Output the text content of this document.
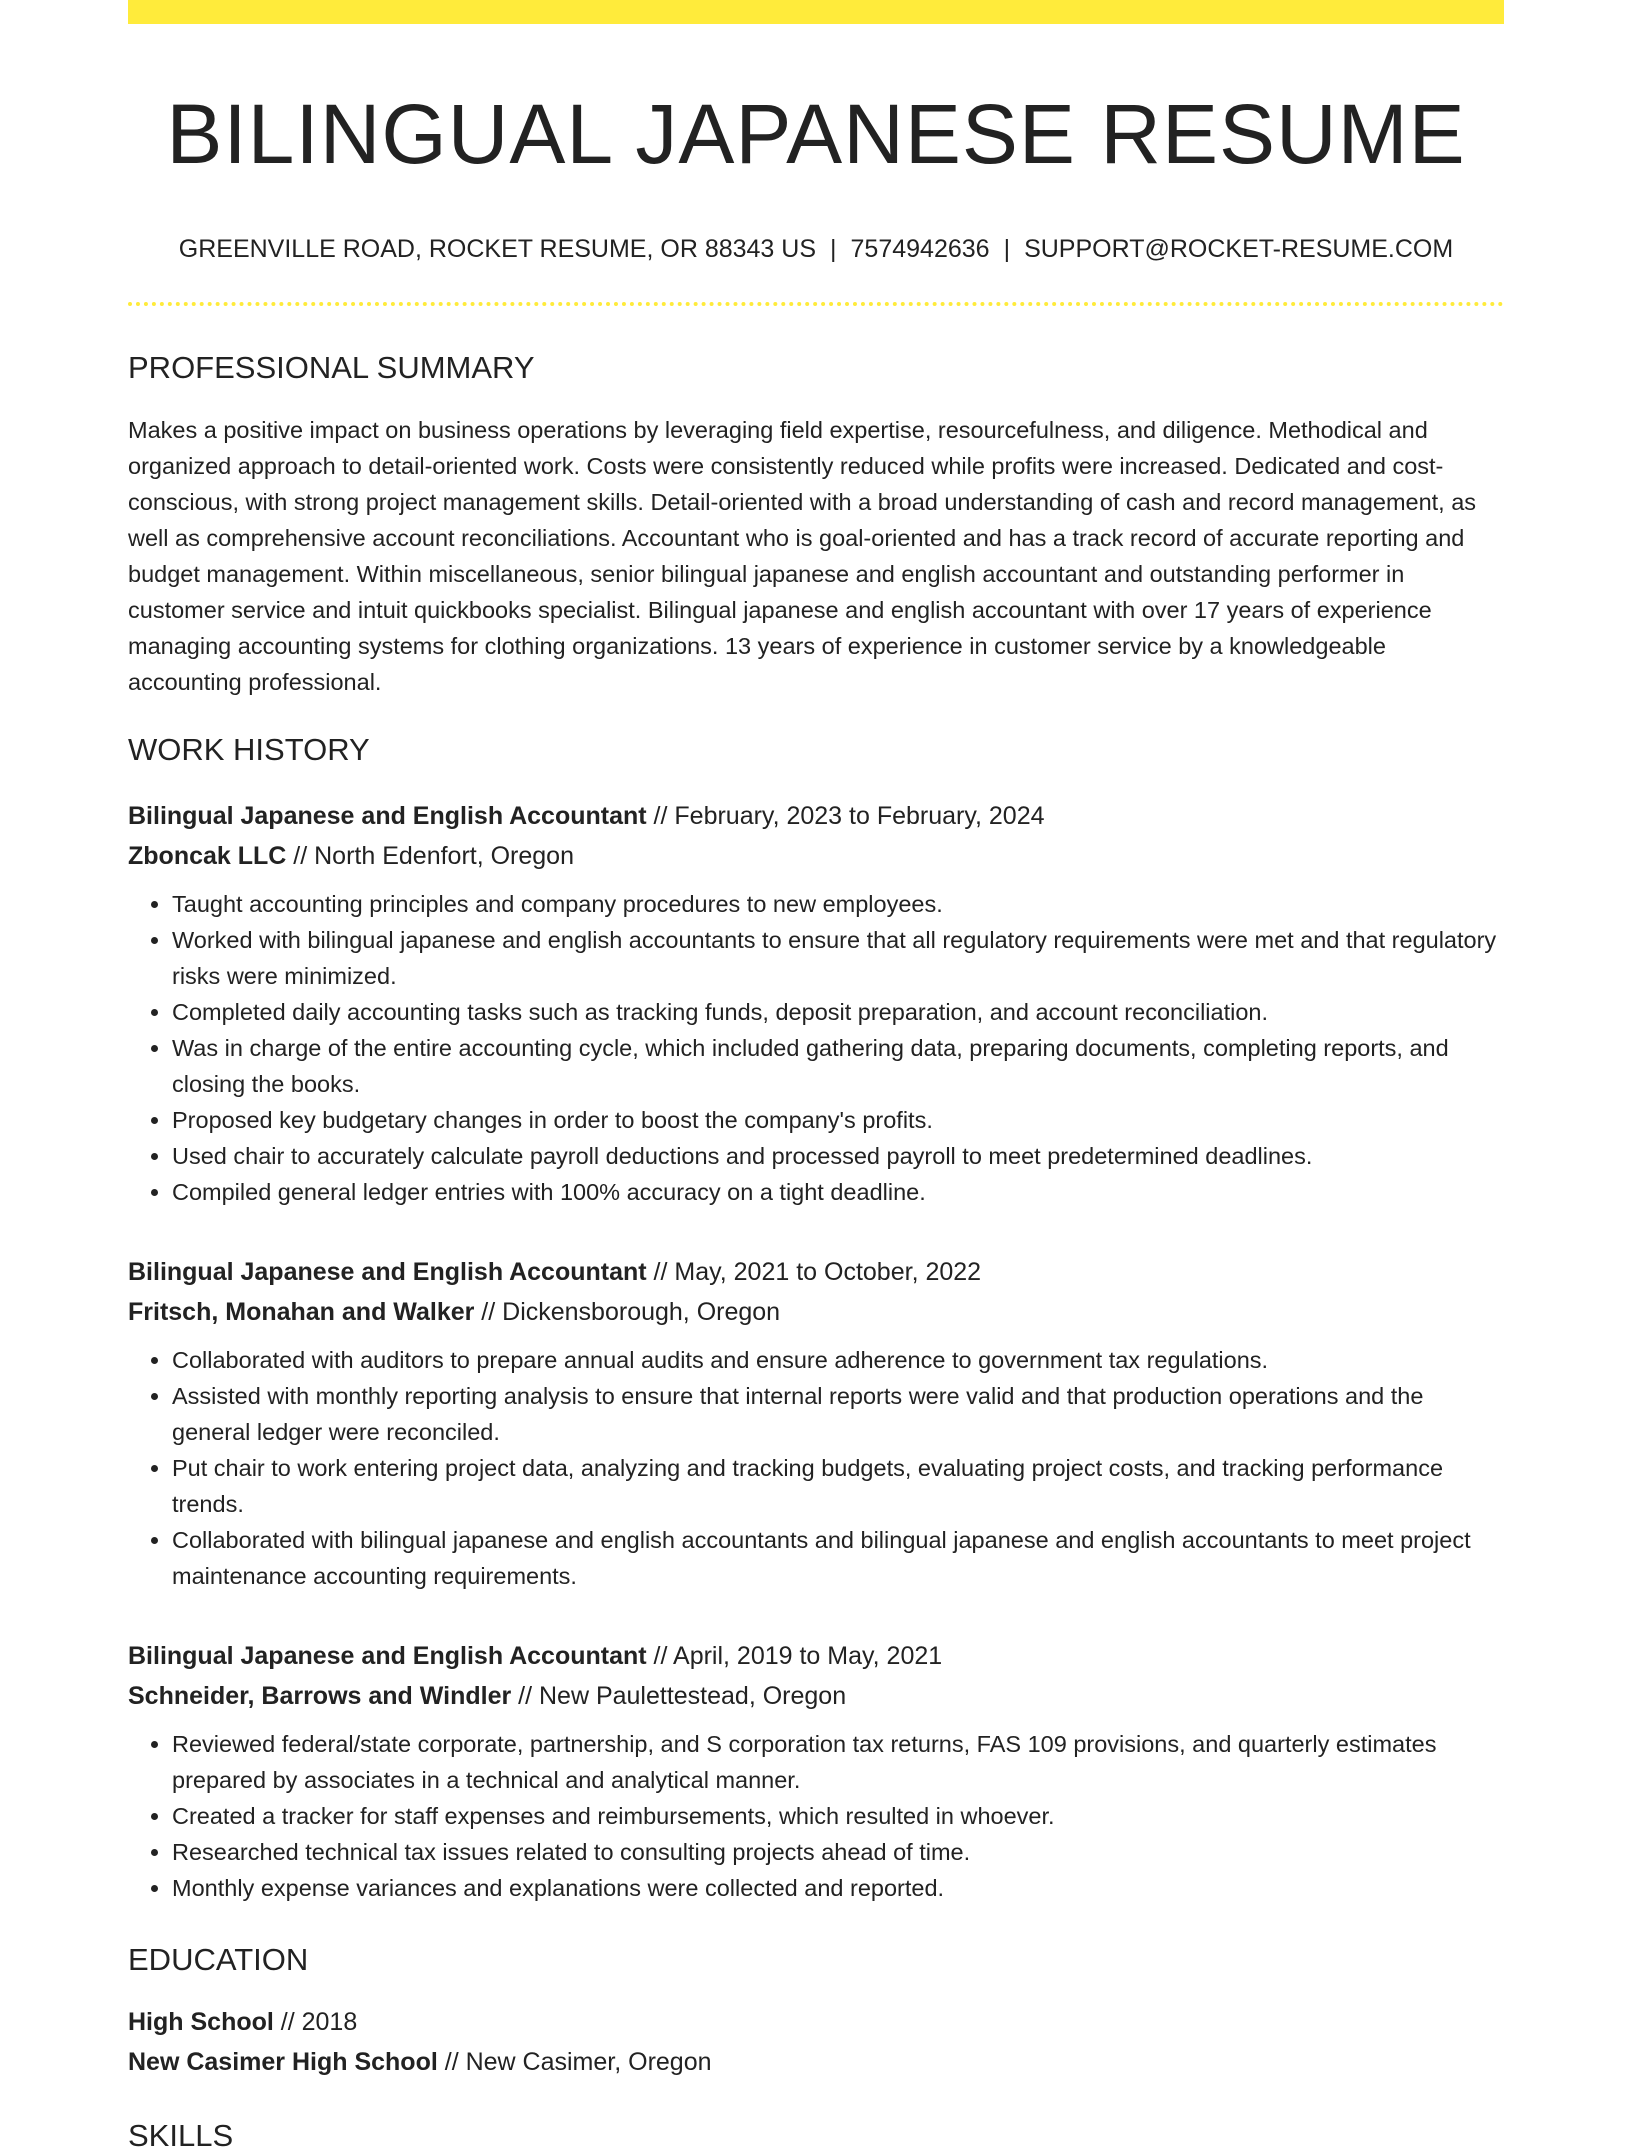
BILINGUAL JAPANESE RESUME
GREENVILLE ROAD, ROCKET RESUME, OR 88343 US | 7574942636 | SUPPORT@ROCKET-RESUME.COM
PROFESSIONAL SUMMARY
Makes a positive impact on business operations by leveraging field expertise, resourcefulness, and diligence. Methodical and organized approach to detail-oriented work. Costs were consistently reduced while profits were increased. Dedicated and cost-conscious, with strong project management skills. Detail-oriented with a broad understanding of cash and record management, as well as comprehensive account reconciliations. Accountant who is goal-oriented and has a track record of accurate reporting and budget management. Within miscellaneous, senior bilingual japanese and english accountant and outstanding performer in customer service and intuit quickbooks specialist. Bilingual japanese and english accountant with over 17 years of experience managing accounting systems for clothing organizations. 13 years of experience in customer service by a knowledgeable accounting professional.
WORK HISTORY
Bilingual Japanese and English Accountant // February, 2023 to February, 2024
Zboncak LLC // North Edenfort, Oregon
• Taught accounting principles and company procedures to new employees.
• Worked with bilingual japanese and english accountants to ensure that all regulatory requirements were met and that regulatory risks were minimized.
• Completed daily accounting tasks such as tracking funds, deposit preparation, and account reconciliation.
• Was in charge of the entire accounting cycle, which included gathering data, preparing documents, completing reports, and closing the books.
• Proposed key budgetary changes in order to boost the company's profits.
• Used chair to accurately calculate payroll deductions and processed payroll to meet predetermined deadlines.
• Compiled general ledger entries with 100% accuracy on a tight deadline.
Bilingual Japanese and English Accountant // May, 2021 to October, 2022
Fritsch, Monahan and Walker // Dickensborough, Oregon
• Collaborated with auditors to prepare annual audits and ensure adherence to government tax regulations.
• Assisted with monthly reporting analysis to ensure that internal reports were valid and that production operations and the general ledger were reconciled.
• Put chair to work entering project data, analyzing and tracking budgets, evaluating project costs, and tracking performance trends.
• Collaborated with bilingual japanese and english accountants and bilingual japanese and english accountants to meet project maintenance accounting requirements.
Bilingual Japanese and English Accountant // April, 2019 to May, 2021
Schneider, Barrows and Windler // New Paulettestead, Oregon
• Reviewed federal/state corporate, partnership, and S corporation tax returns, FAS 109 provisions, and quarterly estimates prepared by associates in a technical and analytical manner.
• Created a tracker for staff expenses and reimbursements, which resulted in whoever.
• Researched technical tax issues related to consulting projects ahead of time.
• Monthly expense variances and explanations were collected and reported.
EDUCATION
High School // 2018
New Casimer High School // New Casimer, Oregon
SKILLS
